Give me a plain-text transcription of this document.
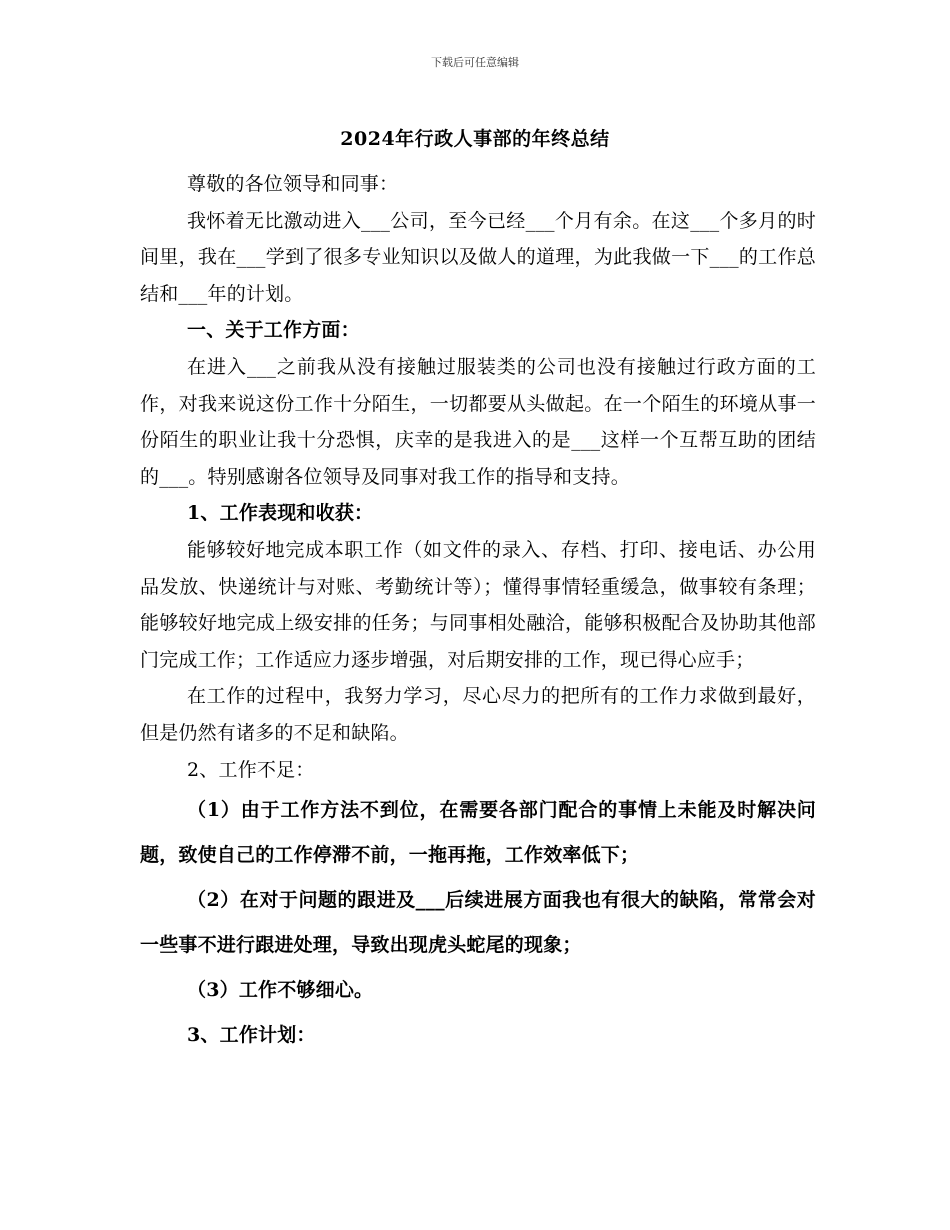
下载后可任意编辑
2024年行政人事部的年终总结

尊敬的各位领导和同事：

我怀着无比激动进入___公司，至今已经___个月有余。在这___个多月的时间里，我在___学到了很多专业知识以及做人的道理，为此我做一下___的工作总结和___年的计划。

一、关于工作方面：

在进入___之前我从没有接触过服装类的公司也没有接触过行政方面的工作，对我来说这份工作十分陌生，一切都要从头做起。在一个陌生的环境从事一份陌生的职业让我十分恐惧，庆幸的是我进入的是___这样一个互帮互助的团结的___。特别感谢各位领导及同事对我工作的指导和支持。

1、工作表现和收获：

能够较好地完成本职工作（如文件的录入、存档、打印、接电话、办公用品发放、快递统计与对账、考勤统计等）；懂得事情轻重缓急，做事较有条理；能够较好地完成上级安排的任务；与同事相处融洽，能够积极配合及协助其他部门完成工作；工作适应力逐步增强，对后期安排的工作，现已得心应手；

在工作的过程中，我努力学习，尽心尽力的把所有的工作力求做到最好，但是仍然有诸多的不足和缺陷。

2、工作不足：

（1）由于工作方法不到位，在需要各部门配合的事情上未能及时解决问题，致使自己的工作停滞不前，一拖再拖，工作效率低下；

（2）在对于问题的跟进及___后续进展方面我也有很大的缺陷，常常会对一些事不进行跟进处理，导致出现虎头蛇尾的现象；

（3）工作不够细心。

3、工作计划：
